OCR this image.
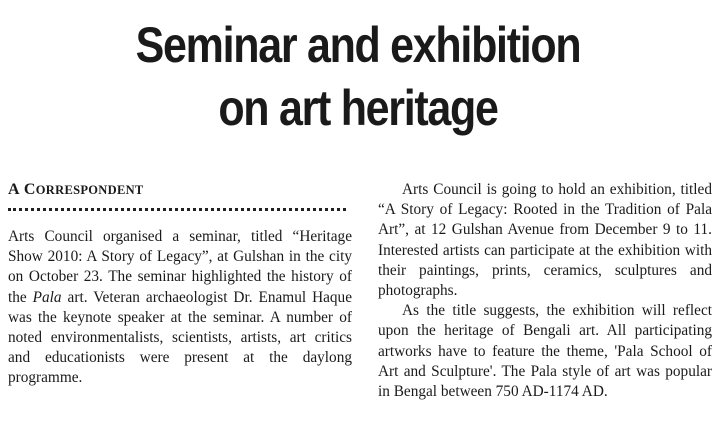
Seminar and exhibition
on art heritage
A CORRESPONDENT

Arts Council organised a seminar, titled “Heritage Show 2010: A Story of Legacy”, at Gulshan in the city on October 23. The seminar highlighted the history of the Pala art. Veteran archaeologist Dr. Enamul Haque was the keynote speaker at the seminar. A number of noted environmentalists, scientists, artists, art critics and educationists were present at the daylong programme.

Arts Council is going to hold an exhibition, titled “A Story of Legacy: Rooted in the Tradition of Pala Art”, at 12 Gulshan Avenue from December 9 to 11. Interested artists can participate at the exhibition with their paintings, prints, ceramics, sculptures and photographs.

As the title suggests, the exhibition will reflect upon the heritage of Bengali art. All participating artworks have to feature the theme, 'Pala School of Art and Sculpture'. The Pala style of art was popular in Bengal between 750 AD-1174 AD.
